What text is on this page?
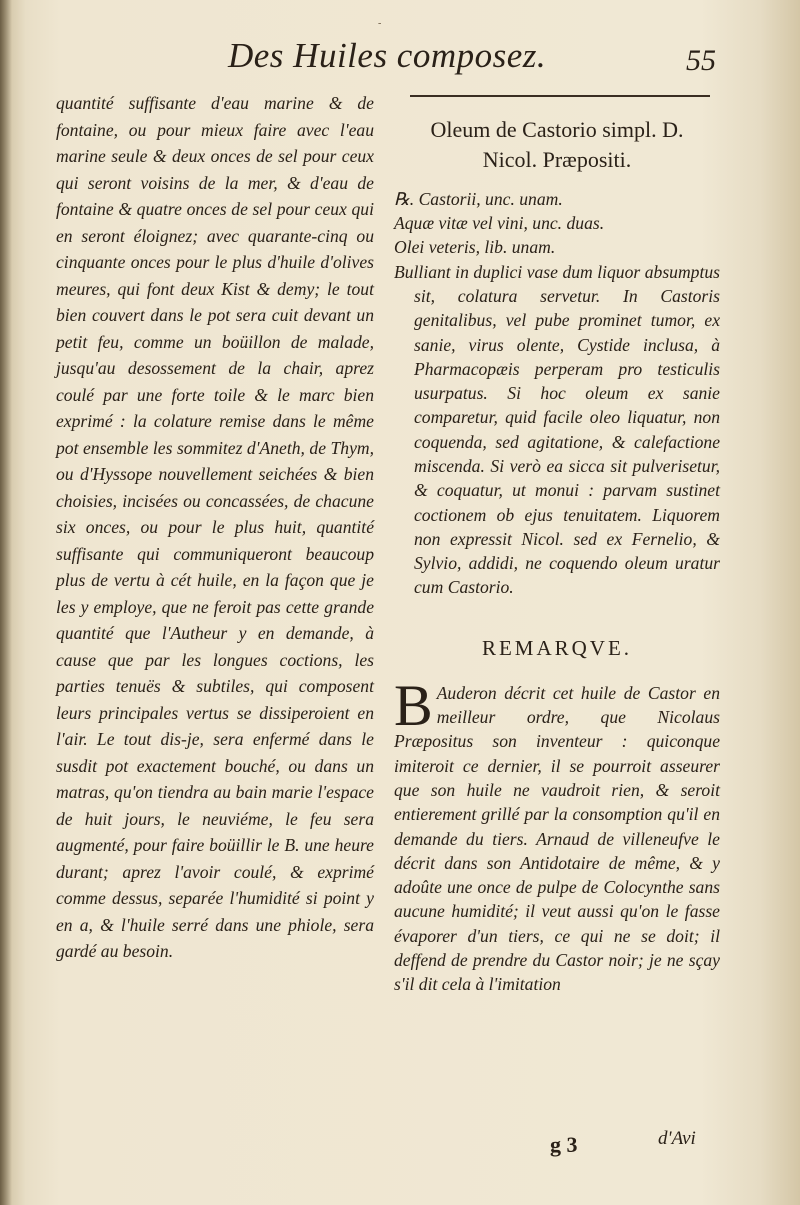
-
Des Huiles composez.	55

quantité suffisante d'eau marine & de fontaine, ou pour mieux faire avec l'eau marine seule & deux onces de sel pour ceux qui seront voisins de la mer, & d'eau de fontaine & quatre onces de sel pour ceux qui en seront éloignez; avec quarante-cinq ou cinquante onces pour le plus d'huile d'olives meures, qui font deux Kist & demy; le tout bien couvert dans le pot sera cuit devant un petit feu, comme un boüillon de malade, jusqu'au desossement de la chair, aprez coulé par une forte toile & le marc bien exprimé : la colature remise dans le même pot ensemble les sommitez d'Aneth, de Thym, ou d'Hyssope nouvellement seichées & bien choisies, incisées ou concassées, de chacune six onces, ou pour le plus huit, quantité suffisante qui communiqueront beaucoup plus de vertu à cét huile, en la façon que je les y employe, que ne feroit pas cette grande quantité que l'Autheur y en demande, à cause que par les longues coctions, les parties tenuës & subtiles, qui composent leurs principales vertus se dissiperoient en l'air. Le tout dis-je, sera enfermé dans le susdit pot exactement bouché, ou dans un matras, qu'on tiendra au bain marie l'espace de huit jours, le neuviéme, le feu sera augmenté, pour faire boüillir le B. une heure durant; aprez l'avoir coulé, & exprimé comme dessus, separée l'humidité si point y en a, & l'huile serré dans une phiole, sera gardé au besoin.

Oleum de Castorio simpl. D.
Nicol. Præpositi.

℞. Castorii, unc. unam.

Aquæ vitæ vel vini, unc. duas.

Olei veteris, lib. unam.

Bulliant in duplici vase dum liquor absumptus sit, colatura servetur. In Castoris genitalibus, vel pube prominet tumor, ex sanie, virus olente, Cystide inclusa, à Pharmacopæis perperam pro testiculis usurpatus. Si hoc oleum ex sanie comparetur, quid facile oleo liquatur, non coquenda, sed agitatione, & calefactione miscenda. Si verò ea sicca sit pulverisetur, & coquatur, ut monui : parvam sustinet coctionem ob ejus tenuitatem. Liquorem non expressit Nicol. sed ex Fernelio, & Sylvio, addidi, ne coquendo oleum uratur cum Castorio.

REMARQVE.

B Auderon décrit cet huile de Castor en meilleur ordre, que Nicolaus Præpositus son inventeur : quiconque imiteroit ce dernier, il se pourroit asseurer que son huile ne vaudroit rien, & seroit entierement grillé par la consomption qu'il en demande du tiers. Arnaud de villeneufve le décrit dans son Antidotaire de même, & y adoûte une once de pulpe de Colocynthe sans aucune humidité; il veut aussi qu'on le fasse évaporer d'un tiers, ce qui ne se doit; il deffend de prendre du Castor noir; je ne sçay s'il dit cela à l'imitation

g 3	d'Avi
